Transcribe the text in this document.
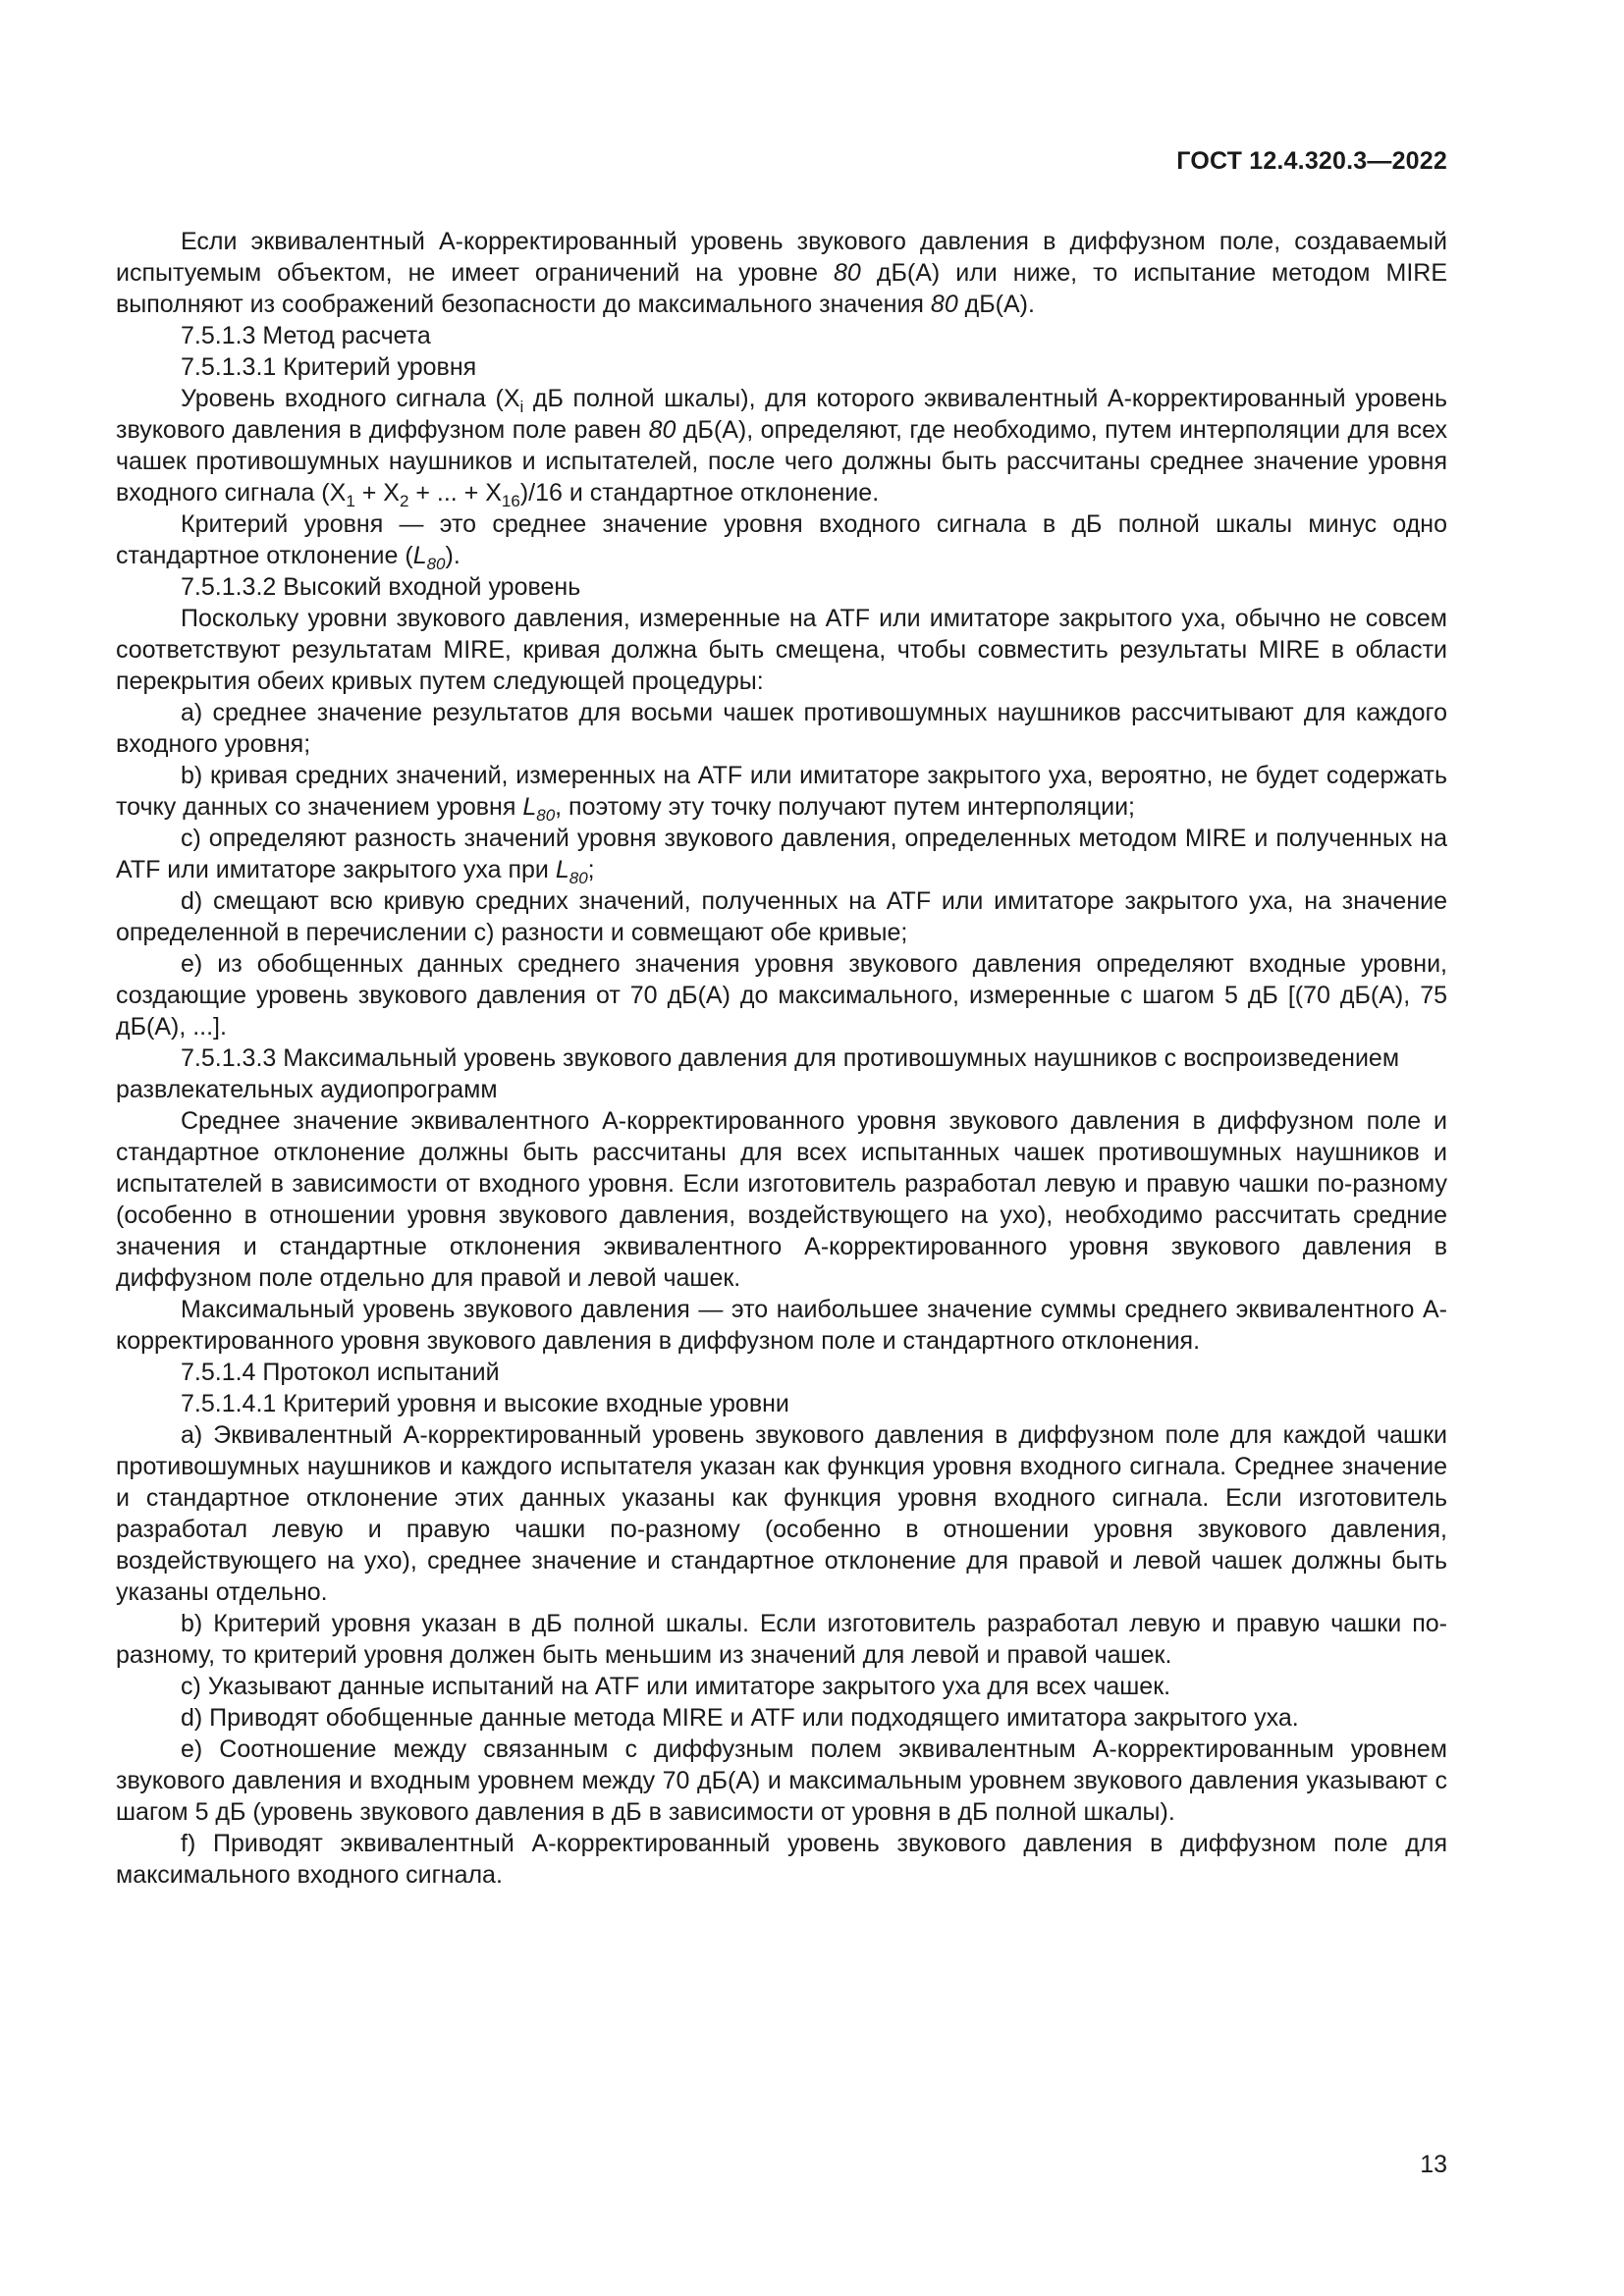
ГОСТ 12.4.320.3—2022

Если эквивалентный A-корректированный уровень звукового давления в диффузном поле, создаваемый испытуемым объектом, не имеет ограничений на уровне 80 дБ(А) или ниже, то испытание методом MIRE выполняют из соображений безопасности до максимального значения 80 дБ(А).

7.5.1.3 Метод расчета

7.5.1.3.1 Критерий уровня

Уровень входного сигнала ($X_i$ дБ полной шкалы), для которого эквивалентный A-корректированный уровень звукового давления в диффузном поле равен 80 дБ(А), определяют, где необходимо, путем интерполяции для всех чашек противошумных наушников и испытателей, после чего должны быть рассчитаны среднее значение уровня входного сигнала ($X_1 + X_2$ + ... + $X_{16})/16$ и стандартное отклонение.

Критерий уровня — это среднее значение уровня входного сигнала в дБ полной шкалы минус одно стандартное отклонение $(L_{80})$.

7.5.1.3.2 Высокий входной уровень

Поскольку уровни звукового давления, измеренные на ATF или имитаторе закрытого уха, обычно не совсем соответствуют результатам MIRE, кривая должна быть смещена, чтобы совместить результаты MIRE в области перекрытия обеих кривых путем следующей процедуры:

a) среднее значение результатов для восьми чашек противошумных наушников рассчитывают для каждого входного уровня;

b) кривая средних значений, измеренных на ATF или имитаторе закрытого уха, вероятно, не будет содержать точку данных со значением уровня $L_{80}$, поэтому эту точку получают путем интерполяции;

c) определяют разность значений уровня звукового давления, определенных методом MIRE и полученных на ATF или имитаторе закрытого уха при $L_{80}$;

d) смещают всю кривую средних значений, полученных на ATF или имитаторе закрытого уха, на значение определенной в перечислении c) разности и совмещают обе кривые;

e) из обобщенных данных среднего значения уровня звукового давления определяют входные уровни, создающие уровень звукового давления от 70 дБ(А) до максимального, измеренные с шагом 5 дБ [(70 дБ(А), 75 дБ(А), ...].

7.5.1.3.3 Максимальный уровень звукового давления для противошумных наушников с воспроизведением развлекательных аудиопрограмм

Среднее значение эквивалентного A-корректированного уровня звукового давления в диффузном поле и стандартное отклонение должны быть рассчитаны для всех испытанных чашек противошумных наушников и испытателей в зависимости от входного уровня. Если изготовитель разработал левую и правую чашки по-разному (особенно в отношении уровня звукового давления, воздействующего на ухо), необходимо рассчитать средние значения и стандартные отклонения эквивалентного A-корректированного уровня звукового давления в диффузном поле отдельно для правой и левой чашек.

Максимальный уровень звукового давления — это наибольшее значение суммы среднего эквивалентного A-корректированного уровня звукового давления в диффузном поле и стандартного отклонения.

7.5.1.4 Протокол испытаний

7.5.1.4.1 Критерий уровня и высокие входные уровни

a) Эквивалентный A-корректированный уровень звукового давления в диффузном поле для каждой чашки противошумных наушников и каждого испытателя указан как функция уровня входного сигнала. Среднее значение и стандартное отклонение этих данных указаны как функция уровня входного сигнала. Если изготовитель разработал левую и правую чашки по-разному (особенно в отношении уровня звукового давления, воздействующего на ухо), среднее значение и стандартное отклонение для правой и левой чашек должны быть указаны отдельно.

b) Критерий уровня указан в дБ полной шкалы. Если изготовитель разработал левую и правую чашки по-разному, то критерий уровня должен быть меньшим из значений для левой и правой чашек.

c) Указывают данные испытаний на ATF или имитаторе закрытого уха для всех чашек.

d) Приводят обобщенные данные метода MIRE и ATF или подходящего имитатора закрытого уха.

e) Соотношение между связанным с диффузным полем эквивалентным A-корректированным уровнем звукового давления и входным уровнем между 70 дБ(А) и максимальным уровнем звукового давления указывают с шагом 5 дБ (уровень звукового давления в дБ в зависимости от уровня в дБ полной шкалы).

f) Приводят эквивалентный A-корректированный уровень звукового давления в диффузном поле для максимального входного сигнала.

13
